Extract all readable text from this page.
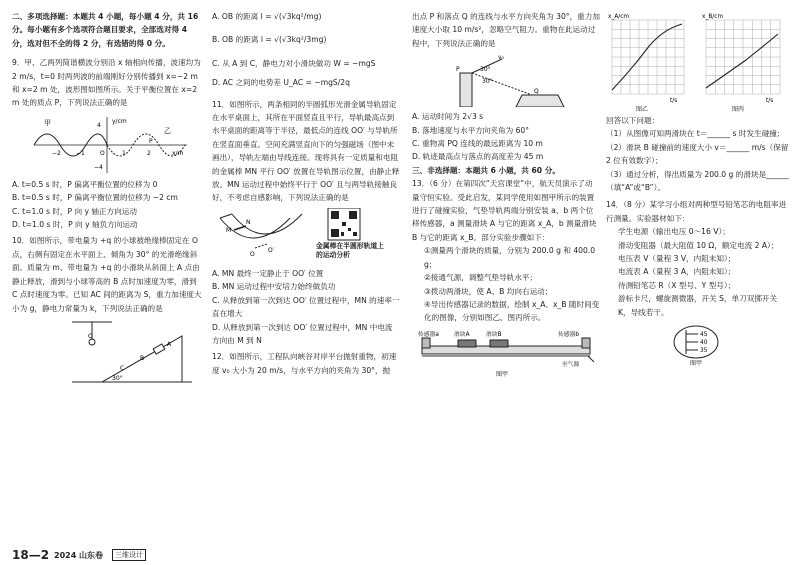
二、多项选择题：本题共 4 小题，每小题 4 分，共 16 分。每小题有多个选项符合题目要求，全部选对得 4 分，选对但不全的得 2 分，有选错的得 0 分。

9．甲、乙两列简谐横波分别沿 x 轴相向传播，波速均为 2 m/s，t=0 时两列波的前端刚好分别传播到 x=−2 m 和 x=2 m 处，波形图如图所示。关于平衡位置在 x=2 m 处的质点 P，下列说法正确的是

y/cm
x/m
甲
乙
4
−4
−2	−1	O	1	2
P

A. t=0.5 s 时，P 偏离平衡位置的位移为 0

B. t=0.5 s 时，P 偏离平衡位置的位移为 −2 cm

C. t=1.0 s 时，P 向 y 轴正方向运动

D. t=1.0 s 时，P 向 y 轴负方向运动

10．如图所示，带电量为 +q 的小球被绝缘棒固定在 O 点，右侧有固定在水平面上、倾角为 30° 的光滑绝缘斜面。质量为 m、带电量为 +q 的小滑块从斜面上 A 点由静止释放，滑到与小球等高的 B 点时加速度为零，滑到 C 点时速度为零。已知 AC 间的距离为 S，重力加速度大小为 g，静电力常量为 k，下列说法正确的是

O
A
B
C
30°

A. OB 的距离 l = √(√3kq²/mg)

B. OB 的距离 l = √(√3kq²/3mg)

C. 从 A 到 C，静电力对小滑块做功 W = −mgS

D. AC 之间的电势差 U_AC = −mgS/2q

11．如图所示，两条相同的半圆弧形光滑金属导轨固定在水平桌面上，其所在平面竖直且平行，导轨最高点到水平桌面的距离等于半径，最低点的连线 OO′ 与导轨所在竖直面垂直。空间充满竖直向下的匀强磁场（图中未画出），导轨左端由导线连接。现将具有一定质量和电阻的金属棒 MN 平行 OO′ 放置在导轨图示位置，由静止释放。MN 运动过程中始终平行于 OO′ 且与两导轨接触良好，不考虑自感影响，下列说法正确的是

M
N
O
O′
金属棒在半圆形轨道上的运动分析

A. MN 最终一定静止于 OO′ 位置

B. MN 运动过程中安培力始终做负功

C. 从释放到第一次到达 OO′ 位置过程中，MN 的速率一直在增大

D. 从释放到第一次到达 OO′ 位置过程中，MN 中电流方向由 M 到 N

12．如图所示，工程队向峡谷对岸平台抛射重物，初速度 v₀ 大小为 20 m/s，与水平方向的夹角为 30°，抛

出点 P 和落点 Q 的连线与水平方向夹角为 30°，重力加速度大小取 10 m/s²，忽略空气阻力。重物在此运动过程中，下列说法正确的是

v₀
P
Q
30°
30°

A. 运动时间为 2√3 s

B. 落地速度与水平方向夹角为 60°

C. 重物离 PQ 连线的最远距离为 10 m

D. 轨迹最高点与落点的高度差为 45 m

三、非选择题：本题共 6 小题，共 60 分。

13．（6 分）在第四次“天宫课堂”中，航天员演示了动量守恒实验。受此启发，某同学使用如图甲所示的装置进行了碰撞实验，气垫导轨两端分别安装 a、b 两个位移传感器，a 测量滑块 A 与它的距离 x_A，b 测量滑块 B 与它的距离 x_B。部分实验步骤如下：

①测量两个滑块的质量，分别为 200.0 g 和 400.0 g；

②接通气源，调整气垫导轨水平；

③拨动两滑块，使 A、B 均向右运动；

④导出传感器记录的数据，绘制 x_A、x_B 随时间变化的图像，分别如图乙、图丙所示。

传感器a	滑块A	滑块B	传感器b
至气源
图甲
x_A/cm
t/s
图乙
x_B/cm
t/s
图丙

回答以下问题：

（1）从图像可知两滑块在 t＝______ s 时发生碰撞；

（2）滑块 B 碰撞前的速度大小 v＝______ m/s（保留 2 位有效数字）；

（3）通过分析，得出质量为 200.0 g 的滑块是______（填“A”或“B”）。

14．（8 分）某学习小组对两种型号铅笔芯的电阻率进行测量。实验器材如下：

学生电源（输出电压 0～16 V）；

滑动变阻器（最大阻值 10 Ω，额定电流 2 A）；

电压表 V（量程 3 V，内阻未知）；

电流表 A（量程 3 A，内阻未知）；

待测铅笔芯 R（X 型号、Y 型号）；

游标卡尺，螺旋测微器，开关 S，单刀双掷开关 K，导线若干。

45
40
35
图甲
18—2 2024 山东卷	三维设计
